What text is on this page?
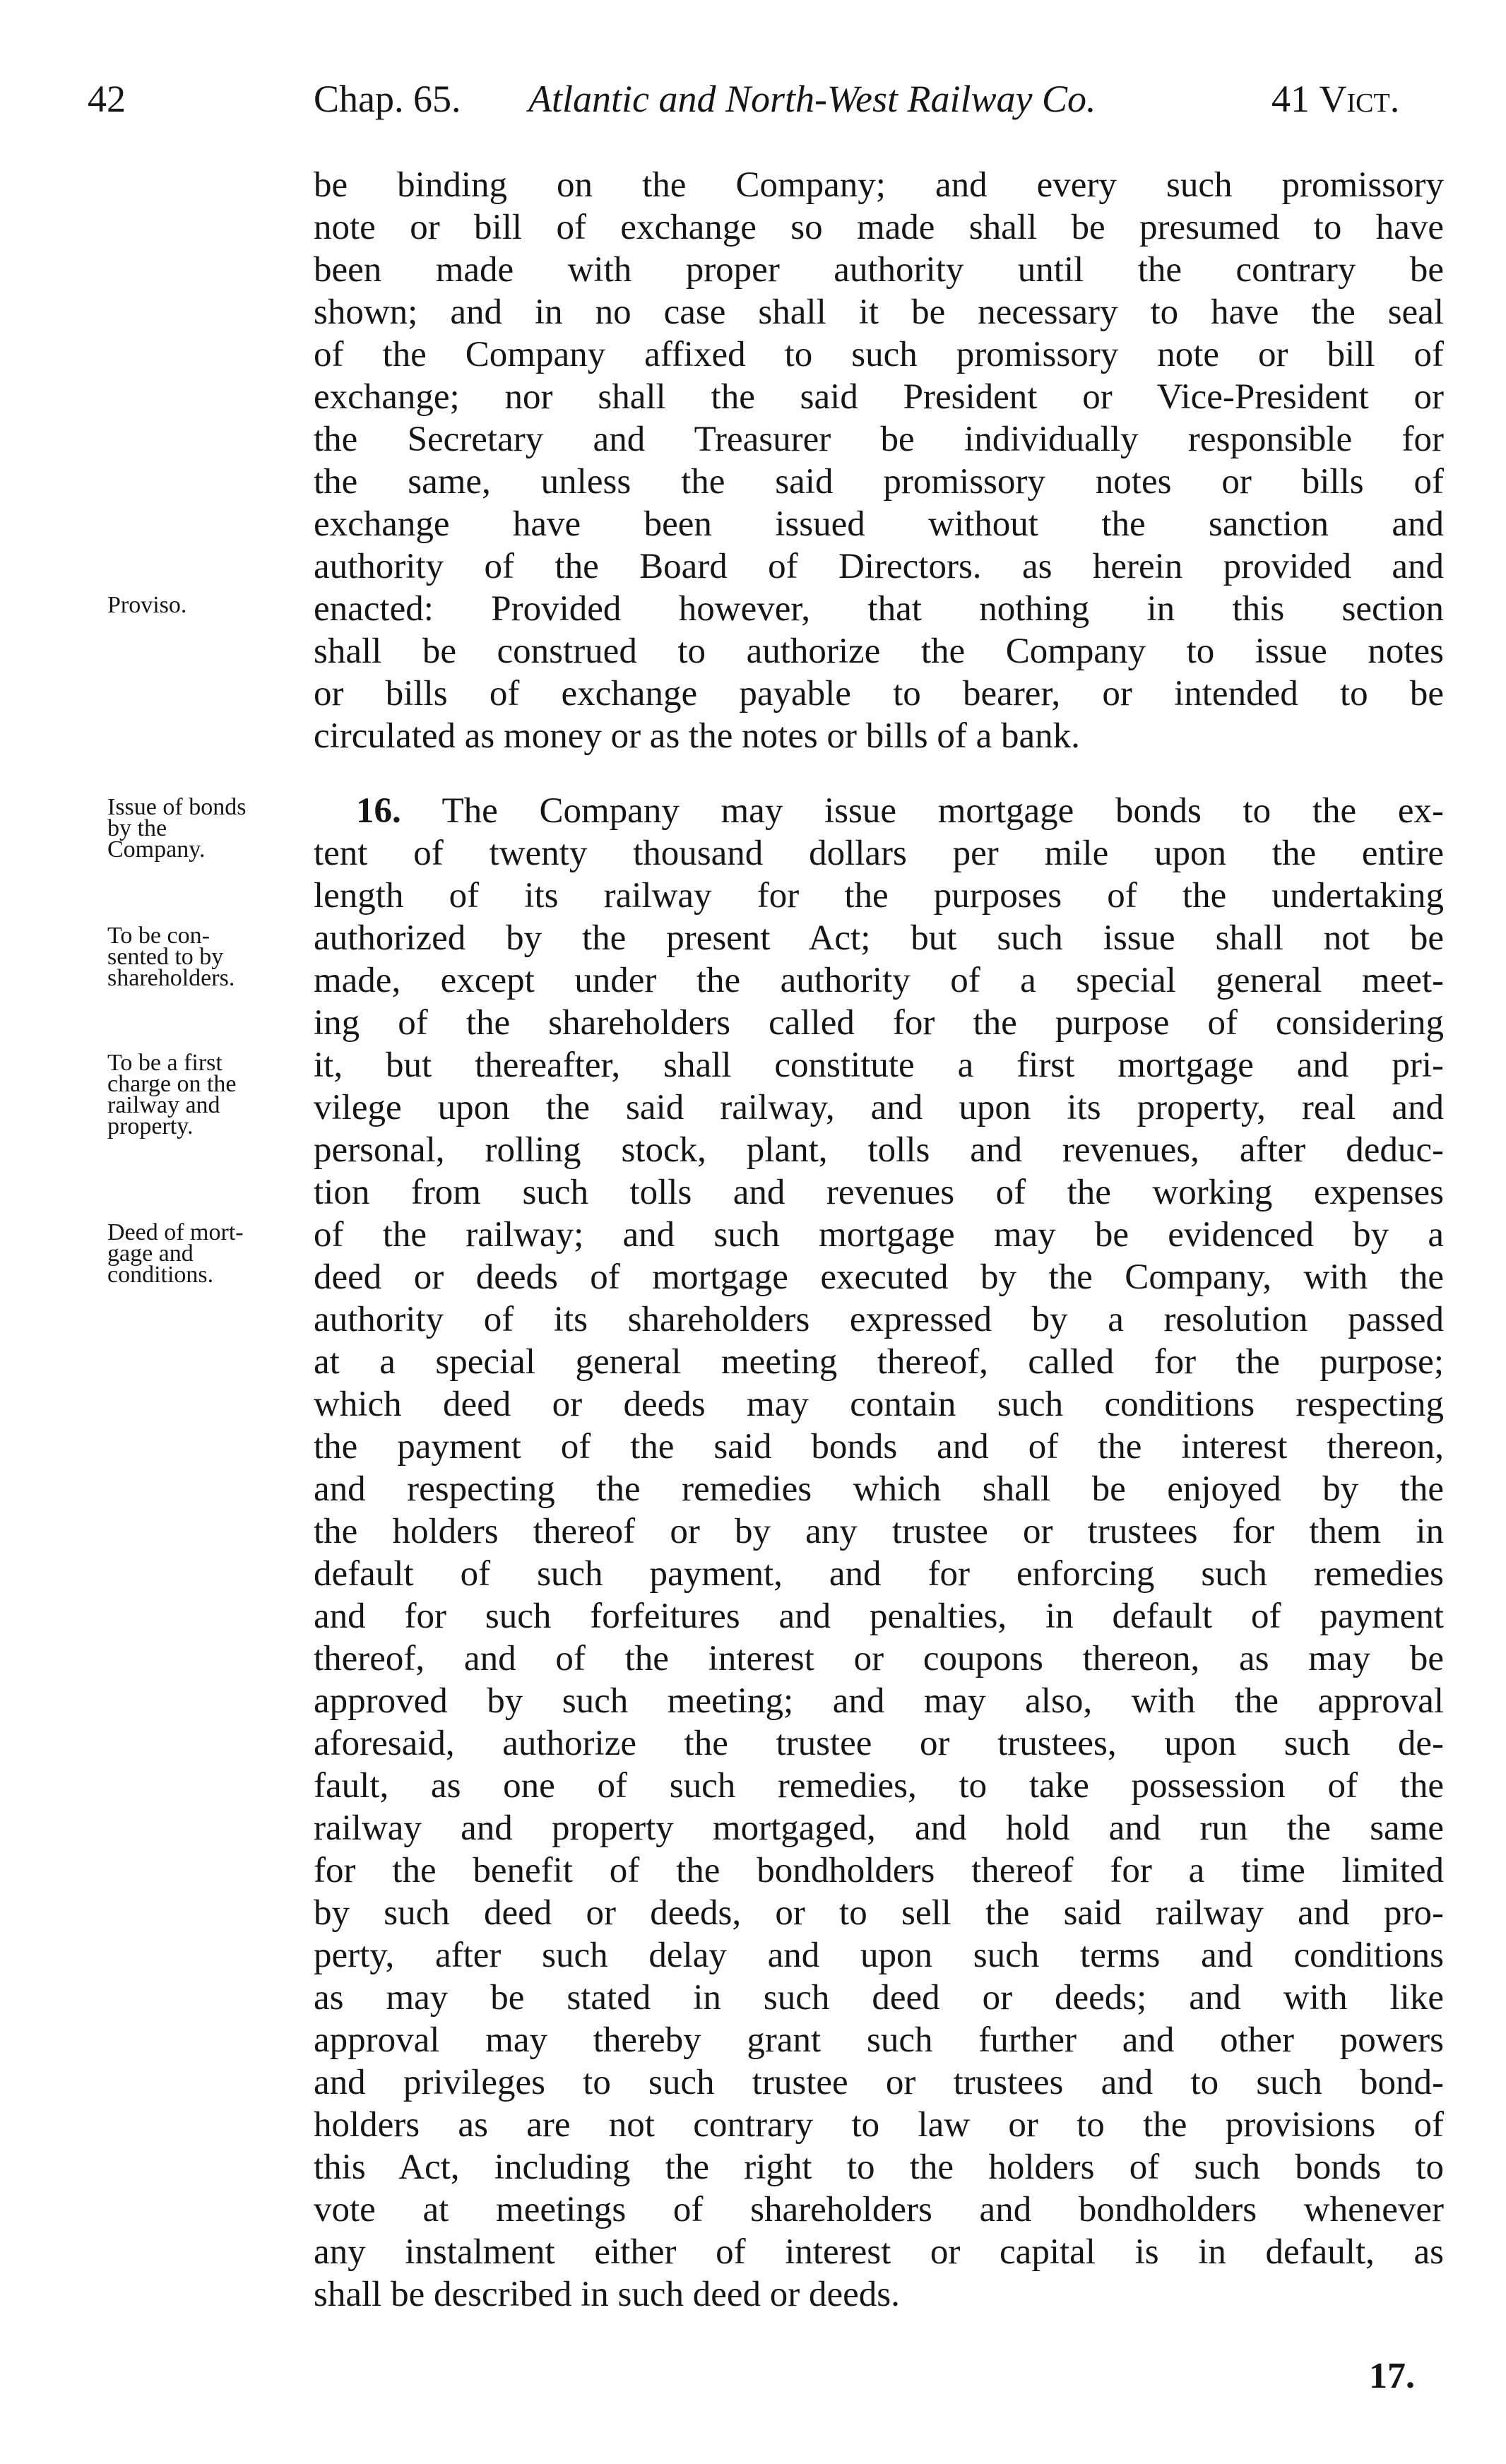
42	Chap. 65. Atlantic and North-West Railway Co.	41 Vict.
Proviso.
Issue of bonds
by the
Company.
To be con-
sented to by
shareholders.
To be a first
charge on the
railway and
property.
Deed of mort-
gage and
conditions.
be binding on the Company; and every such promissory
note or bill of exchange so made shall be presumed to have
been made with proper authority until the contrary be
shown; and in no case shall it be necessary to have the seal
of the Company affixed to such promissory note or bill of
exchange; nor shall the said President or Vice-President or
the Secretary and Treasurer be individually responsible for
the same, unless the said promissory notes or bills of
exchange have been issued without the sanction and
authority of the Board of Directors. as herein provided and
enacted: Provided however, that nothing in this section
shall be construed to authorize the Company to issue notes
or bills of exchange payable to bearer, or intended to be
circulated as money or as the notes or bills of a bank.
16. The Company may issue mortgage bonds to the ex-
tent of twenty thousand dollars per mile upon the entire
length of its railway for the purposes of the undertaking
authorized by the present Act; but such issue shall not be
made, except under the authority of a special general meet-
ing of the shareholders called for the purpose of considering
it, but thereafter, shall constitute a first mortgage and pri-
vilege upon the said railway, and upon its property, real and
personal, rolling stock, plant, tolls and revenues, after deduc-
tion from such tolls and revenues of the working expenses
of the railway; and such mortgage may be evidenced by a
deed or deeds of mortgage executed by the Company, with the
authority of its shareholders expressed by a resolution passed
at a special general meeting thereof, called for the purpose;
which deed or deeds may contain such conditions respecting
the payment of the said bonds and of the interest thereon,
and respecting the remedies which shall be enjoyed by the
the holders thereof or by any trustee or trustees for them in
default of such payment, and for enforcing such remedies
and for such forfeitures and penalties, in default of payment
thereof, and of the interest or coupons thereon, as may be
approved by such meeting; and may also, with the approval
aforesaid, authorize the trustee or trustees, upon such de-
fault, as one of such remedies, to take possession of the
railway and property mortgaged, and hold and run the same
for the benefit of the bondholders thereof for a time limited
by such deed or deeds, or to sell the said railway and pro-
perty, after such delay and upon such terms and conditions
as may be stated in such deed or deeds; and with like
approval may thereby grant such further and other powers
and privileges to such trustee or trustees and to such bond-
holders as are not contrary to law or to the provisions of
this Act, including the right to the holders of such bonds to
vote at meetings of shareholders and bondholders whenever
any instalment either of interest or capital is in default, as
shall be described in such deed or deeds.
17.
